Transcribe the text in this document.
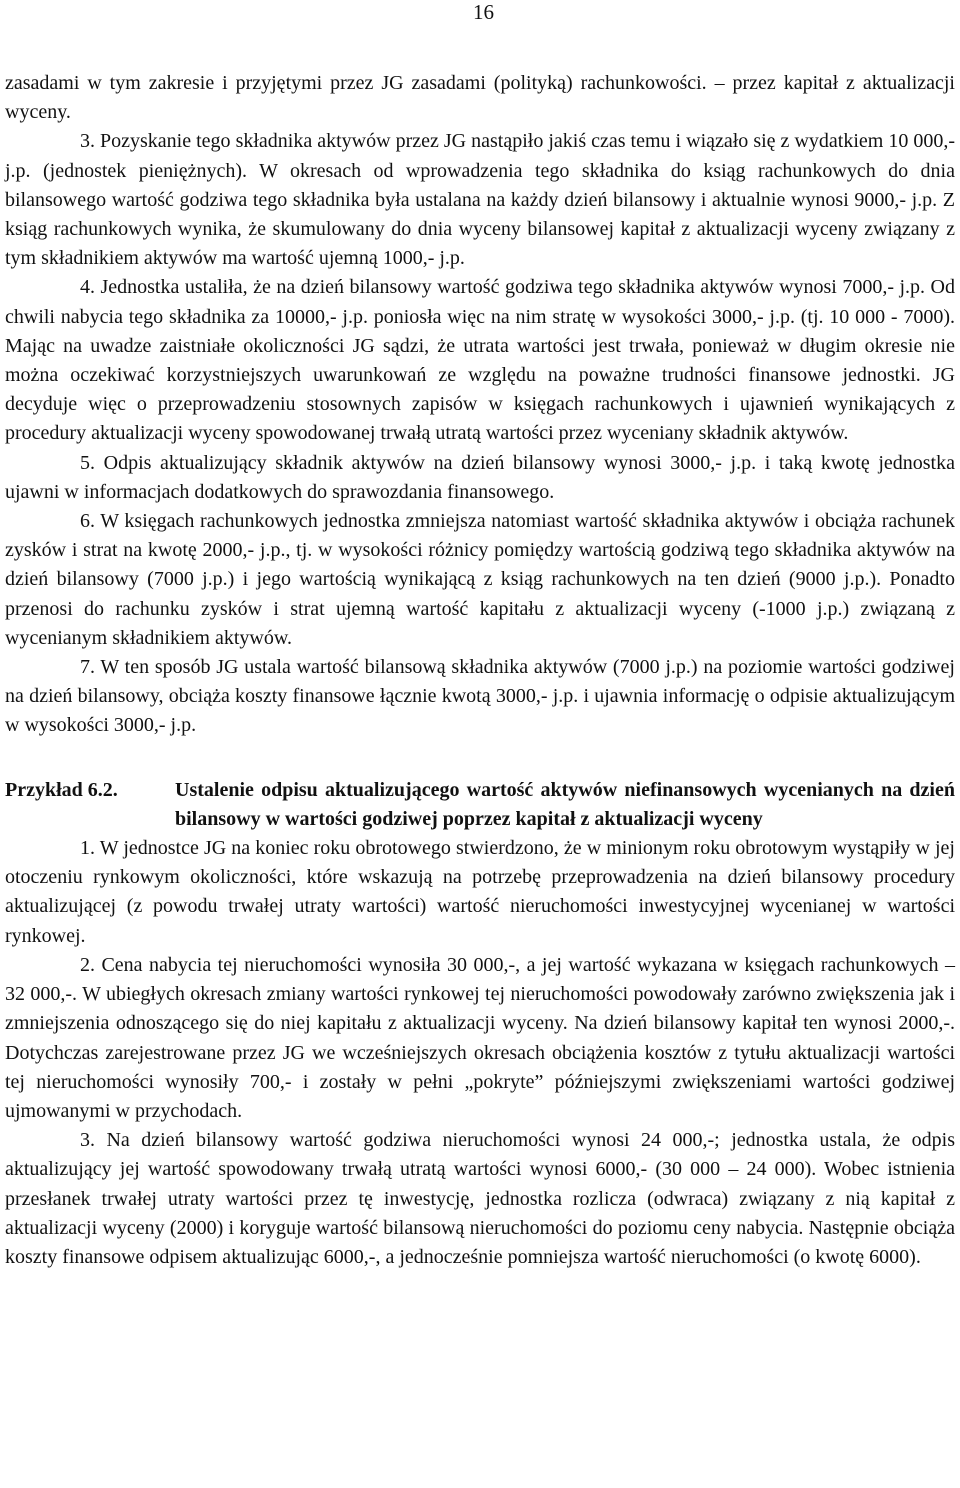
16

zasadami w tym zakresie i przyjętymi przez JG zasadami (polityką) rachunkowości. – przez kapitał z aktualizacji wyceny.

3. Pozyskanie tego składnika aktywów przez JG nastąpiło jakiś czas temu i wiązało się z wydatkiem 10 000,- j.p. (jednostek pieniężnych). W okresach od wprowadzenia tego składnika do ksiąg rachunkowych do dnia bilansowego wartość godziwa tego składnika była ustalana na każdy dzień bilansowy i aktualnie wynosi 9000,- j.p. Z ksiąg rachunkowych wynika, że skumulowany do dnia wyceny bilansowej kapitał z aktualizacji wyceny związany z tym składnikiem aktywów ma wartość ujemną 1000,- j.p.

4. Jednostka ustaliła, że na dzień bilansowy wartość godziwa tego składnika aktywów wynosi 7000,- j.p. Od chwili nabycia tego składnika za 10000,- j.p. poniosła więc na nim stratę w wysokości 3000,- j.p. (tj. 10 000 - 7000). Mając na uwadze zaistniałe okoliczności JG sądzi, że utrata wartości jest trwała, ponieważ w długim okresie nie można oczekiwać korzystniejszych uwarunkowań ze względu na poważne trudności finansowe jednostki. JG decyduje więc o przeprowadzeniu stosownych zapisów w księgach rachunkowych i ujawnień wynikających z procedury aktualizacji wyceny spowodowanej trwałą utratą wartości przez wyceniany składnik aktywów.

5. Odpis aktualizujący składnik aktywów na dzień bilansowy wynosi 3000,- j.p. i taką kwotę jednostka ujawni w informacjach dodatkowych do sprawozdania finansowego.

6. W księgach rachunkowych jednostka zmniejsza natomiast wartość składnika aktywów i obciąża rachunek zysków i strat na kwotę 2000,- j.p., tj. w wysokości różnicy pomiędzy wartością godziwą tego składnika aktywów na dzień bilansowy (7000 j.p.) i jego wartością wynikającą z ksiąg rachunkowych na ten dzień (9000 j.p.). Ponadto przenosi do rachunku zysków i strat ujemną wartość kapitału z aktualizacji wyceny (-1000 j.p.) związaną z wycenianym składnikiem aktywów.

7. W ten sposób JG ustala wartość bilansową składnika aktywów (7000 j.p.) na poziomie wartości godziwej na dzień bilansowy, obciąża koszty finansowe łącznie kwotą 3000,- j.p. i ujawnia informację o odpisie aktualizującym w wysokości 3000,- j.p.

Przykład 6.2.	Ustalenie odpisu aktualizującego wartość aktywów niefinansowych wycenianych na dzień bilansowy w wartości godziwej poprzez kapitał z aktualizacji wyceny

1. W jednostce JG na koniec roku obrotowego stwierdzono, że w minionym roku obrotowym wystąpiły w jej otoczeniu rynkowym okoliczności, które wskazują na potrzebę przeprowadzenia na dzień bilansowy procedury aktualizującej (z powodu trwałej utraty wartości) wartość nieruchomości inwestycyjnej wycenianej w wartości rynkowej.

2. Cena nabycia tej nieruchomości wynosiła 30 000,-, a jej wartość wykazana w księgach rachunkowych – 32 000,-. W ubiegłych okresach zmiany wartości rynkowej tej nieruchomości powodowały zarówno zwiększenia jak i zmniejszenia odnoszącego się do niej kapitału z aktualizacji wyceny. Na dzień bilansowy kapitał ten wynosi 2000,-. Dotychczas zarejestrowane przez JG we wcześniejszych okresach obciążenia kosztów z tytułu aktualizacji wartości tej nieruchomości wynosiły 700,- i zostały w pełni „pokryte” późniejszymi zwiększeniami wartości godziwej ujmowanymi w przychodach.

3. Na dzień bilansowy wartość godziwa nieruchomości wynosi 24 000,-; jednostka ustala, że odpis aktualizujący jej wartość spowodowany trwałą utratą wartości wynosi 6000,- (30 000 – 24 000). Wobec istnienia przesłanek trwałej utraty wartości przez tę inwestycję, jednostka rozlicza (odwraca) związany z nią kapitał z aktualizacji wyceny (2000) i koryguje wartość bilansową nieruchomości do poziomu ceny nabycia. Następnie obciąża koszty finansowe odpisem aktualizując 6000,-, a jednocześnie pomniejsza wartość nieruchomości (o kwotę 6000).
